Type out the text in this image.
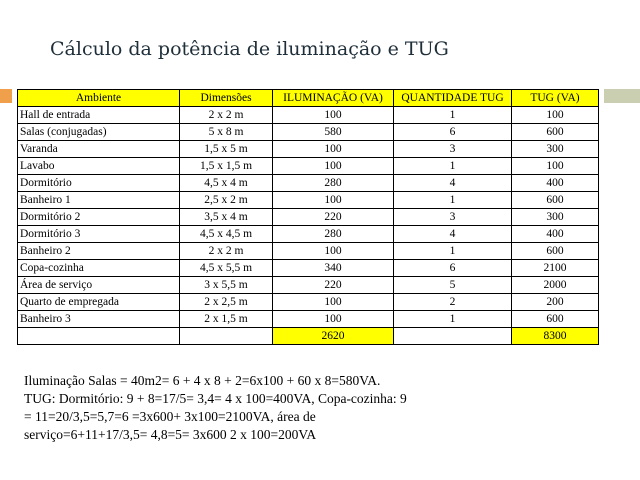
Cálculo da potência de iluminação e TUG
Ambiente	Dimensões	ILUMINAÇÃO (VA)	QUANTIDADE TUG	TUG (VA)
Hall de entrada	2 x 2 m	100	1	100
Salas (conjugadas)	5 x 8 m	580	6	600
Varanda	1,5 x 5 m	100	3	300
Lavabo	1,5 x 1,5 m	100	1	100
Dormitório	4,5 x 4 m	280	4	400
Banheiro 1	2,5 x 2 m	100	1	600
Dormitório 2	3,5 x 4 m	220	3	300
Dormitório 3	4,5 x 4,5 m	280	4	400
Banheiro 2	2 x 2 m	100	1	600
Copa-cozinha	4,5 x 5,5 m	340	6	2100
Área de serviço	3 x 5,5 m	220	5	2000
Quarto de empregada	2 x 2,5 m	100	2	200
Banheiro 3	2 x 1,5 m	100	1	600
		2620		8300
Iluminação Salas = 40m2= 6 + 4 x 8 + 2=6x100 + 60 x 8=580VA.
TUG: Dormitório: 9 + 8=17/5= 3,4= 4 x 100=400VA, Copa-cozinha: 9
= 11=20/3,5=5,7=6 =3x600+ 3x100=2100VA, área de
serviço=6+11+17/3,5= 4,8=5= 3x600 2 x 100=200VA
